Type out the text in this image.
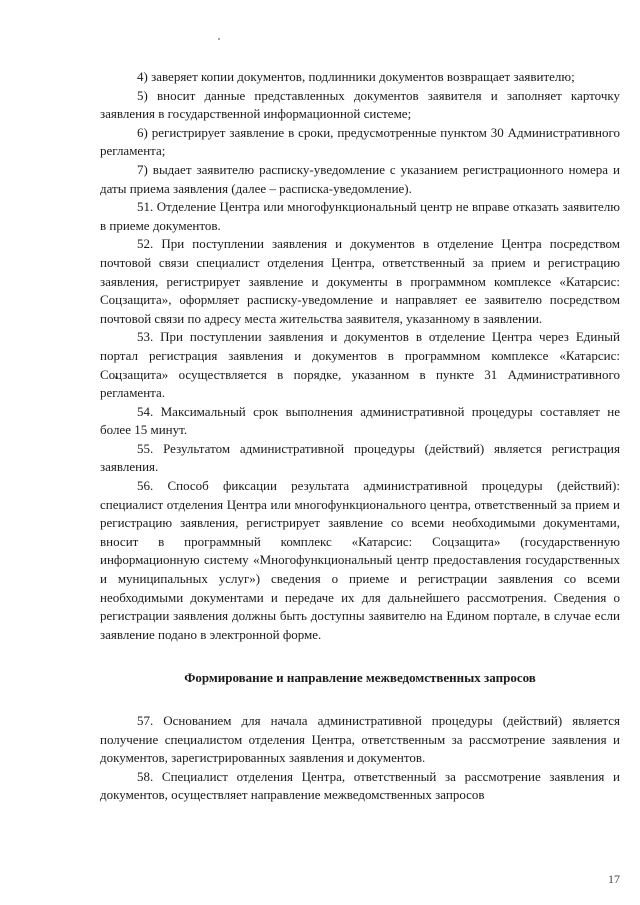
4) заверяет копии документов, подлинники документов возвращает заявителю;

5) вносит данные представленных документов заявителя и заполняет карточку заявления в государственной информационной системе;

6) регистрирует заявление в сроки, предусмотренные пунктом 30 Административного регламента;

7) выдает заявителю расписку-уведомление с указанием регистрационного номера и даты приема заявления (далее – расписка-уведомление).

51. Отделение Центра или многофункциональный центр не вправе отказать заявителю в приеме документов.

52. При поступлении заявления и документов в отделение Центра посредством почтовой связи специалист отделения Центра, ответственный за прием и регистрацию заявления, регистрирует заявление и документы в программном комплексе «Катарсис: Соцзащита», оформляет расписку-уведомление и направляет ее заявителю посредством почтовой связи по адресу места жительства заявителя, указанному в заявлении.

53. При поступлении заявления и документов в отделение Центра через Единый портал регистрация заявления и документов в программном комплексе «Катарсис: Соцзащита» осуществляется в порядке, указанном в пункте 31 Административного регламента.

54. Максимальный срок выполнения административной процедуры составляет не более 15 минут.

55. Результатом административной процедуры (действий) является регистрация заявления.

56. Способ фиксации результата административной процедуры (действий): специалист отделения Центра или многофункционального центра, ответственный за прием и регистрацию заявления, регистрирует заявление со всеми необходимыми документами, вносит в программный комплекс «Катарсис: Соцзащита» (государственную информационную систему «Многофункциональный центр предоставления государственных и муниципальных услуг») сведения о приеме и регистрации заявления со всеми необходимыми документами и передаче их для дальнейшего рассмотрения. Сведения о регистрации заявления должны быть доступны заявителю на Едином портале, в случае если заявление подано в электронной форме.

Формирование и направление межведомственных запросов

57. Основанием для начала административной процедуры (действий) является получение специалистом отделения Центра, ответственным за рассмотрение заявления и документов, зарегистрированных заявления и документов.

58. Специалист отделения Центра, ответственный за рассмотрение заявления и документов, осуществляет направление межведомственных запросов

17
